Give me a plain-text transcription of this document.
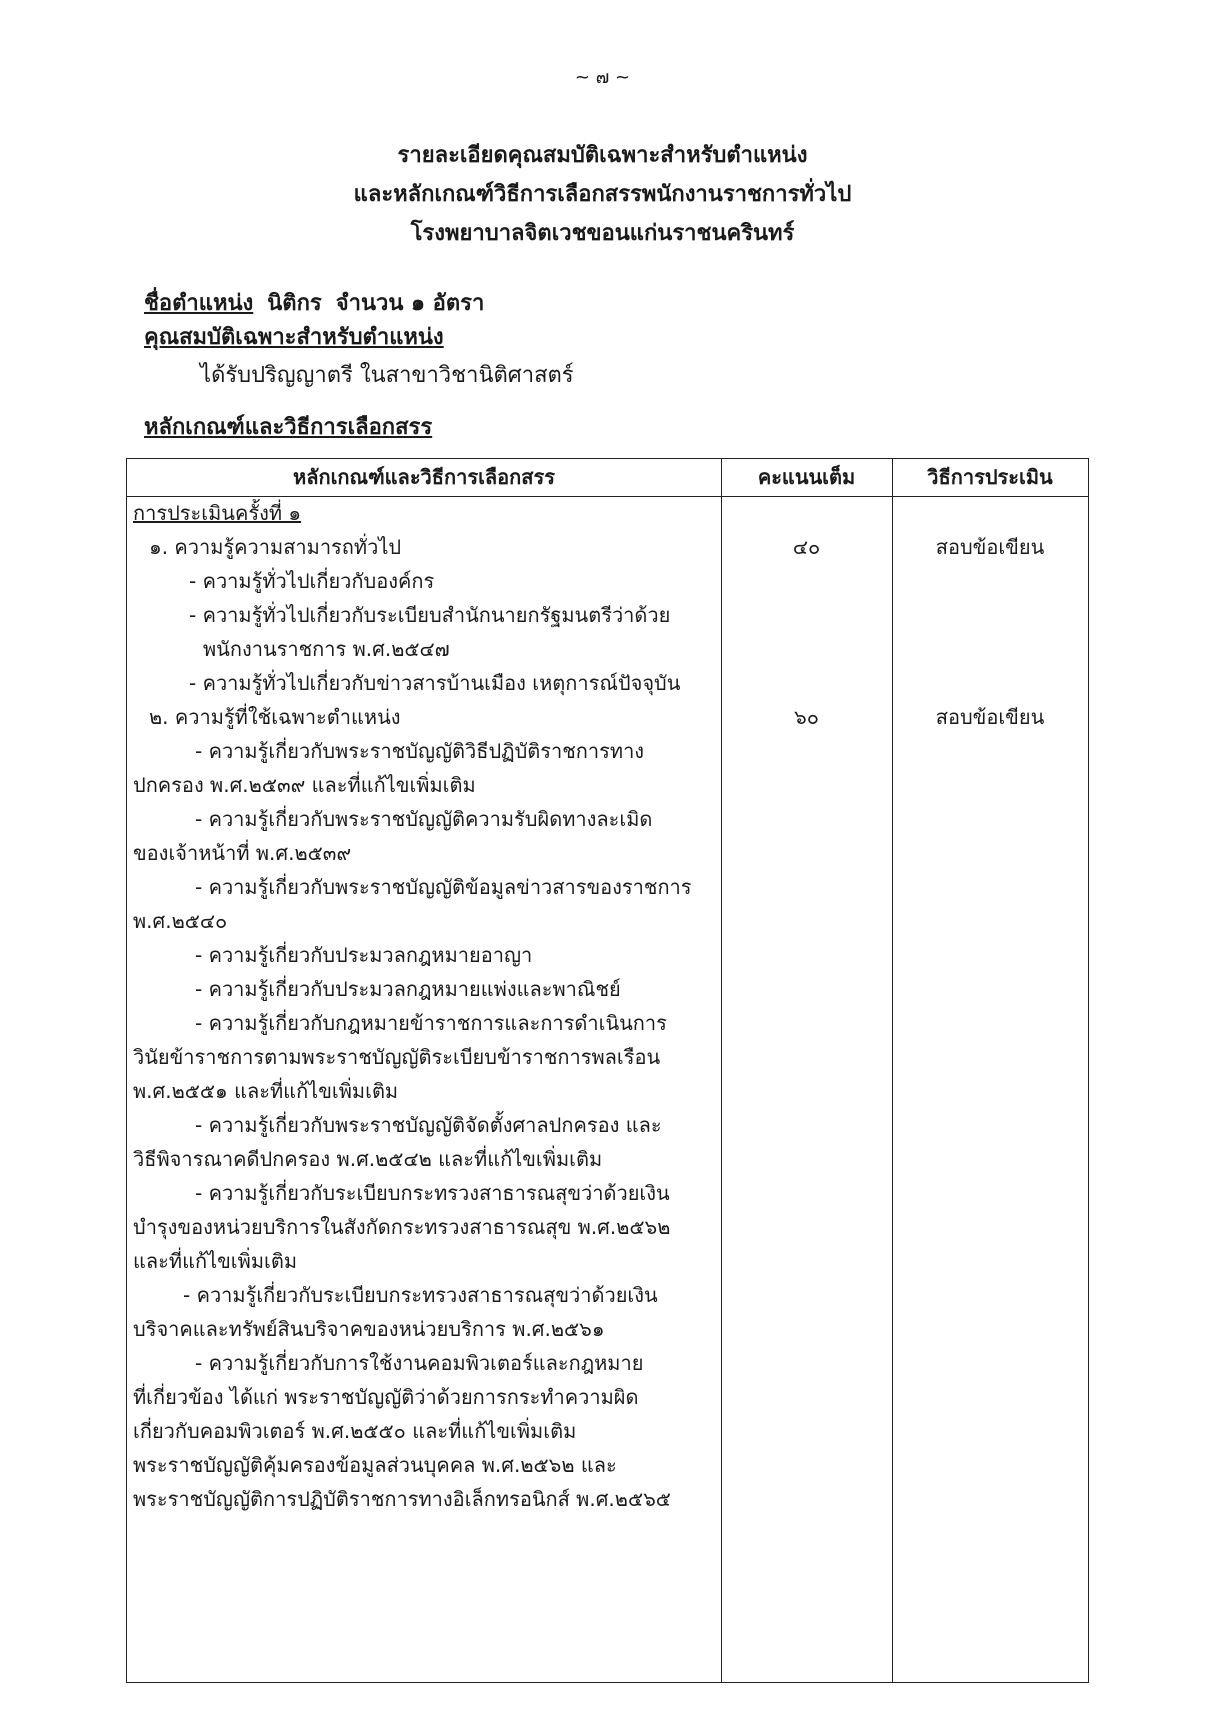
~ ๗ ~
รายละเอียดคุณสมบัติเฉพาะสำหรับตำแหน่ง
และหลักเกณฑ์วิธีการเลือกสรรพนักงานราชการทั่วไป
โรงพยาบาลจิตเวชขอนแก่นราชนครินทร์
ชื่อตำแหน่ง นิติกร จำนวน ๑ อัตรา
คุณสมบัติเฉพาะสำหรับตำแหน่ง
ได้รับปริญญาตรี ในสาขาวิชานิติศาสตร์
หลักเกณฑ์และวิธีการเลือกสรร
หลักเกณฑ์และวิธีการเลือกสรร	คะแนนเต็ม	วิธีการประเมิน
การประเมินครั้งที่ ๑
๑. ความรู้ความสามารถทั่วไป	๔๐	สอบข้อเขียน
- ความรู้ทั่วไปเกี่ยวกับองค์กร
- ความรู้ทั่วไปเกี่ยวกับระเบียบสำนักนายกรัฐมนตรีว่าด้วย
พนักงานราชการ พ.ศ.๒๕๔๗
- ความรู้ทั่วไปเกี่ยวกับข่าวสารบ้านเมือง เหตุการณ์ปัจจุบัน
๒. ความรู้ที่ใช้เฉพาะตำแหน่ง	๖๐	สอบข้อเขียน
- ความรู้เกี่ยวกับพระราชบัญญัติวิธีปฏิบัติราชการทาง
ปกครอง พ.ศ.๒๕๓๙ และที่แก้ไขเพิ่มเติม
- ความรู้เกี่ยวกับพระราชบัญญัติความรับผิดทางละเมิด
ของเจ้าหน้าที่ พ.ศ.๒๕๓๙
- ความรู้เกี่ยวกับพระราชบัญญัติข้อมูลข่าวสารของราชการ
พ.ศ.๒๕๔๐
- ความรู้เกี่ยวกับประมวลกฎหมายอาญา
- ความรู้เกี่ยวกับประมวลกฎหมายแพ่งและพาณิชย์
- ความรู้เกี่ยวกับกฎหมายข้าราชการและการดำเนินการ
วินัยข้าราชการตามพระราชบัญญัติระเบียบข้าราชการพลเรือน
พ.ศ.๒๕๕๑ และที่แก้ไขเพิ่มเติม
- ความรู้เกี่ยวกับพระราชบัญญัติจัดตั้งศาลปกครอง และ
วิธีพิจารณาคดีปกครอง พ.ศ.๒๕๔๒ และที่แก้ไขเพิ่มเติม
- ความรู้เกี่ยวกับระเบียบกระทรวงสาธารณสุขว่าด้วยเงิน
บำรุงของหน่วยบริการในสังกัดกระทรวงสาธารณสุข พ.ศ.๒๕๖๒
และที่แก้ไขเพิ่มเติม
- ความรู้เกี่ยวกับระเบียบกระทรวงสาธารณสุขว่าด้วยเงิน
บริจาคและทรัพย์สินบริจาคของหน่วยบริการ พ.ศ.๒๕๖๑
- ความรู้เกี่ยวกับการใช้งานคอมพิวเตอร์และกฎหมาย
ที่เกี่ยวข้อง ได้แก่ พระราชบัญญัติว่าด้วยการกระทำความผิด
เกี่ยวกับคอมพิวเตอร์ พ.ศ.๒๕๕๐ และที่แก้ไขเพิ่มเติม
พระราชบัญญัติคุ้มครองข้อมูลส่วนบุคคล พ.ศ.๒๕๖๒ และ
พระราชบัญญัติการปฏิบัติราชการทางอิเล็กทรอนิกส์ พ.ศ.๒๕๖๕
